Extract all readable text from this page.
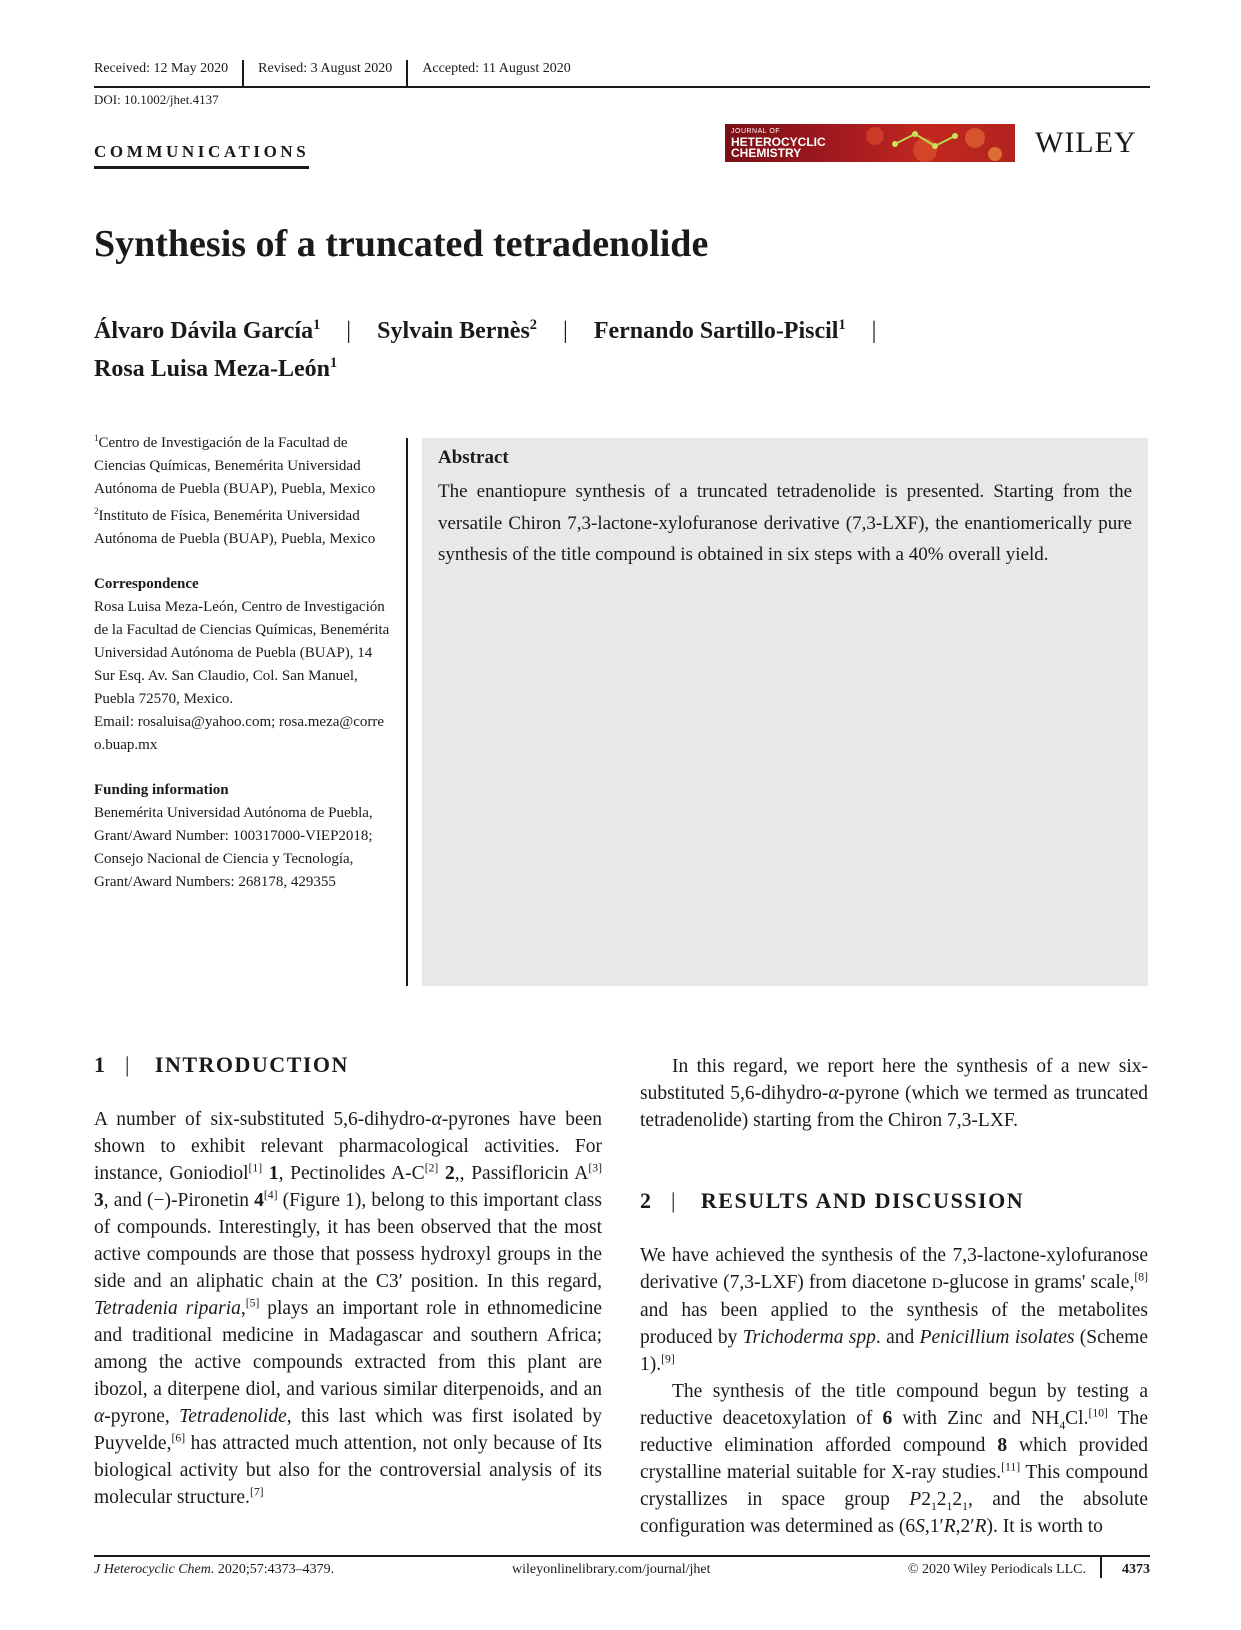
Received: 12 May 2020	Revised: 3 August 2020	Accepted: 11 August 2020
DOI: 10.1002/jhet.4137
COMMUNICATIONS
JOURNAL OF
HETEROCYCLIC
CHEMISTRY	WILEY
Synthesis of a truncated tetradenolide
Álvaro Dávila García$^1$ | Sylvain Bernès$^2$ | Fernando Sartillo-Piscil$^1$ |
Rosa Luisa Meza-León$^1$

$^1$Centro de Investigación de la Facultad de Ciencias Químicas, Benemérita Universidad Autónoma de Puebla (BUAP), Puebla, Mexico

$^2$Instituto de Física, Benemérita Universidad Autónoma de Puebla (BUAP), Puebla, Mexico

Correspondence
Rosa Luisa Meza-León, Centro de Investigación de la Facultad de Ciencias Químicas, Benemérita Universidad Autónoma de Puebla (BUAP), 14 Sur Esq. Av. San Claudio, Col. San Manuel, Puebla 72570, Mexico.
Email: rosaluisa@yahoo.com; rosa.meza@correo.buap.mx
Funding information
Benemérita Universidad Autónoma de Puebla, Grant/Award Number: 100317000-VIEP2018; Consejo Nacional de Ciencia y Tecnología, Grant/Award Numbers: 268178, 429355
Abstract
The enantiopure synthesis of a truncated tetradenolide is presented. Starting from the versatile Chiron 7,3-lactone-xylofuranose derivative (7,3-LXF), the enantiomerically pure synthesis of the title compound is obtained in six steps with a 40% overall yield.
1 | INTRODUCTION

A number of six-substituted 5,6-dihydro-α-pyrones have been shown to exhibit relevant pharmacological activities. For instance, Goniodiol[1] 1, Pectinolides A-C[2] 2,, Passifloricin A[3] 3, and (−)-Pironetin 4[4] (Figure 1), belong to this important class of compounds. Interestingly, it has been observed that the most active compounds are those that possess hydroxyl groups in the side and an aliphatic chain at the C3′ position. In this regard, Tetradenia riparia,[5] plays an important role in ethnomedicine and traditional medicine in Madagascar and southern Africa; among the active compounds extracted from this plant are ibozol, a diterpene diol, and various similar diterpenoids, and an α-pyrone, Tetradenolide, this last which was first isolated by Puyvelde,[6] has attracted much attention, not only because of Its biological activity but also for the controversial analysis of its molecular structure.[7]

In this regard, we report here the synthesis of a new six-substituted 5,6-dihydro-α-pyrone (which we termed as truncated tetradenolide) starting from the Chiron 7,3-LXF.

2 | RESULTS AND DISCUSSION

We have achieved the synthesis of the 7,3-lactone-xylofuranose derivative (7,3-LXF) from diacetone D-glucose in grams' scale,[8] and has been applied to the synthesis of the metabolites produced by Trichoderma spp. and Penicillium isolates (Scheme 1).[9]

The synthesis of the title compound begun by testing a reductive deacetoxylation of 6 with Zinc and $NH_4Cl.[10]$ The reductive elimination afforded compound 8 which provided crystalline material suitable for X-ray studies.[11] This compound crystallizes in space group $P2_12_12_1$, and the absolute configuration was determined as (6S,1′R,2′R). It is worth to

J Heterocyclic Chem. 2020;57:4373–4379.	wileyonlinelibrary.com/journal/jhet	© 2020 Wiley Periodicals LLC.	4373
